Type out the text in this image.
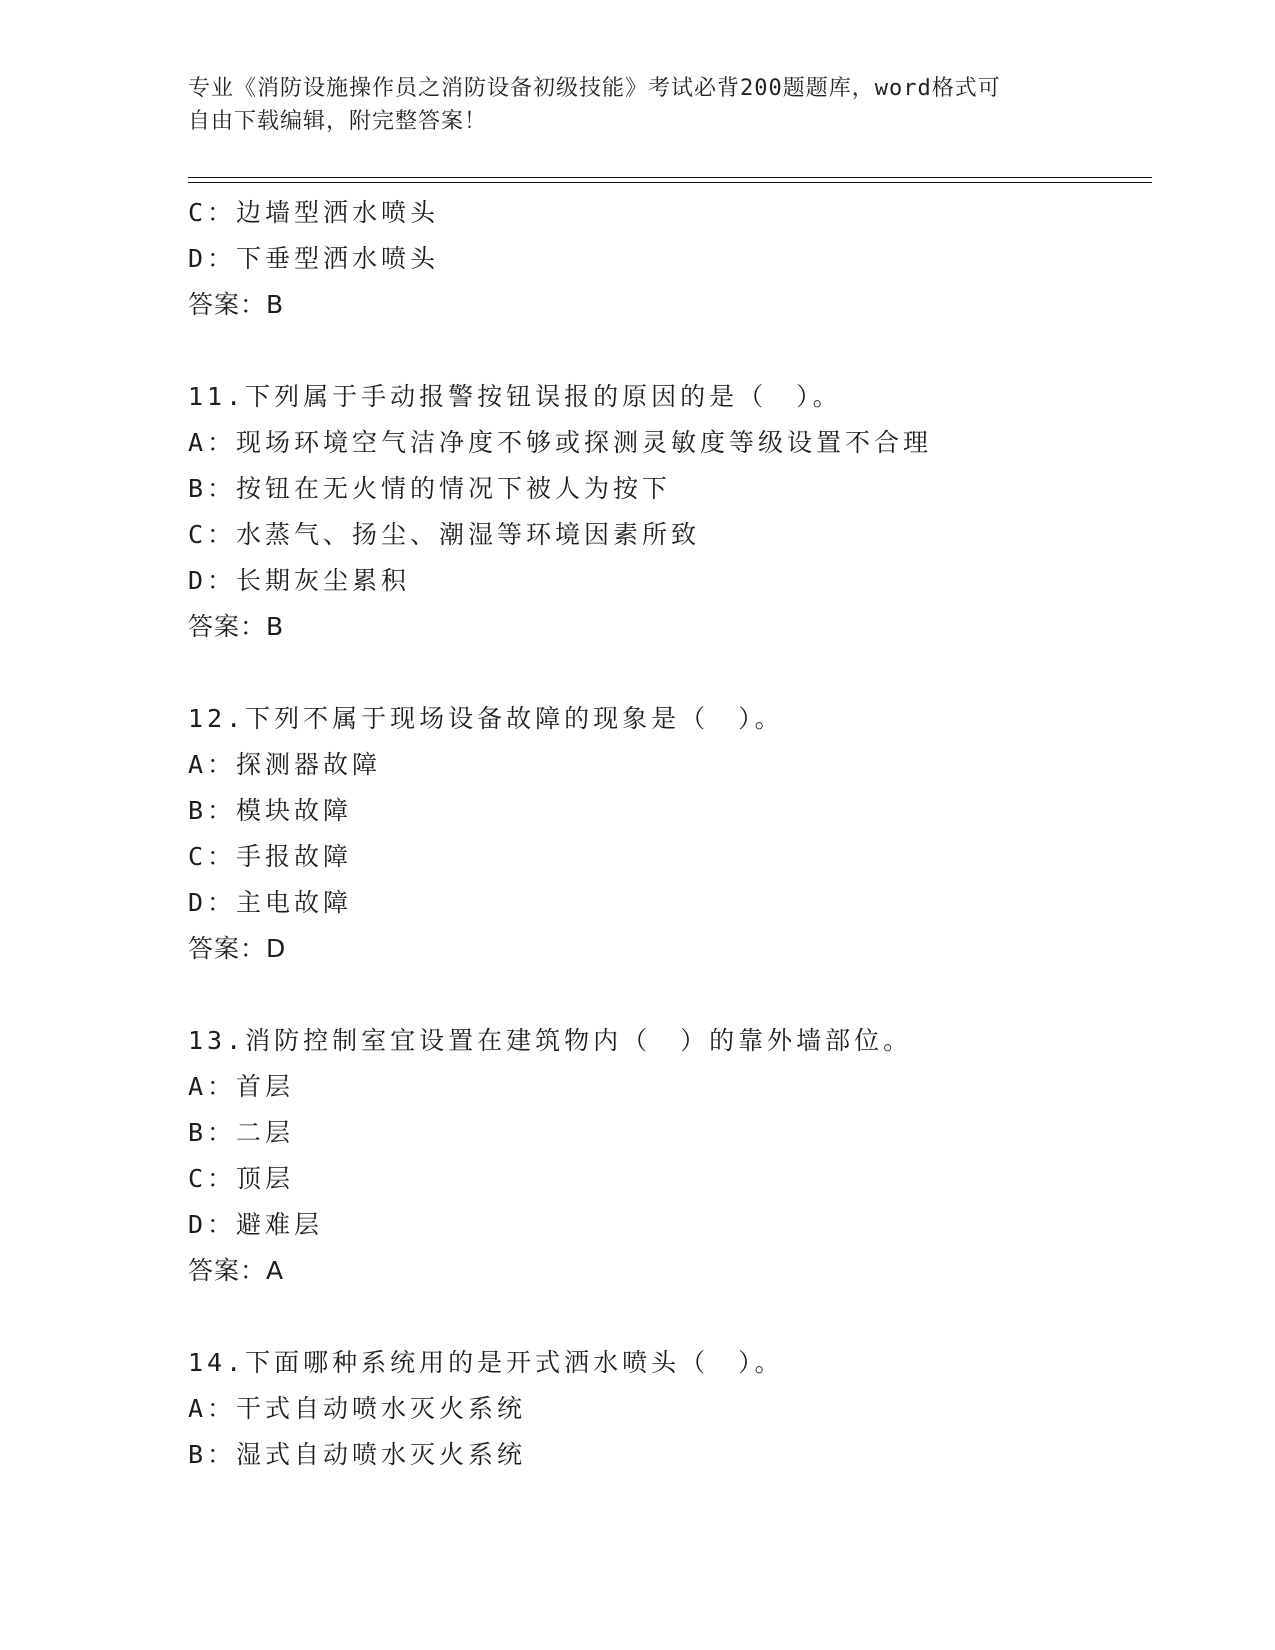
专业《消防设施操作员之消防设备初级技能》考试必背200题题库，word格式可
自由下载编辑，附完整答案！
C：边墙型洒水喷头
D：下垂型洒水喷头
答案：B
11.下列属于手动报警按钮误报的原因的是（　）。
A：现场环境空气洁净度不够或探测灵敏度等级设置不合理
B：按钮在无火情的情况下被人为按下
C：水蒸气、扬尘、潮湿等环境因素所致
D：长期灰尘累积
答案：B
12.下列不属于现场设备故障的现象是（　）。
A：探测器故障
B：模块故障
C：手报故障
D：主电故障
答案：D
13.消防控制室宜设置在建筑物内（　）的靠外墙部位。
A：首层
B：二层
C：顶层
D：避难层
答案：A
14.下面哪种系统用的是开式洒水喷头（　）。
A：干式自动喷水灭火系统
B：湿式自动喷水灭火系统
